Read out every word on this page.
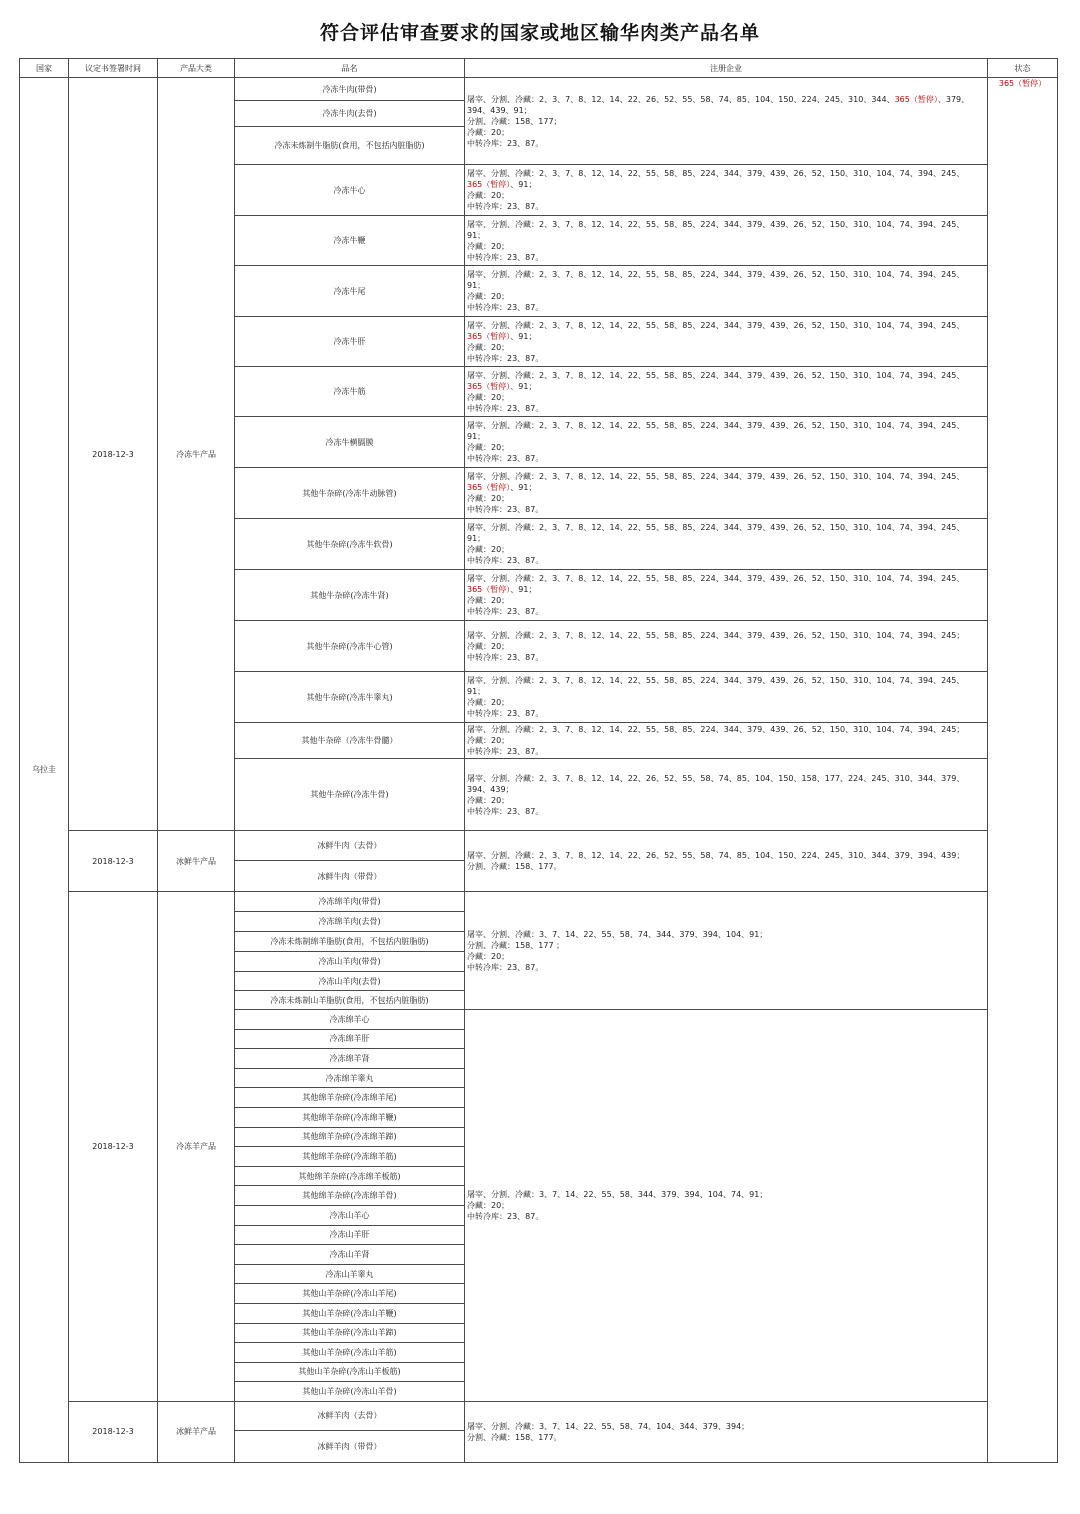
符合评估审查要求的国家或地区输华肉类产品名单
国家	议定书签署时间	产品大类	品名	注册企业	状态
乌拉圭	2018-12-3	冷冻牛产品	冷冻牛肉(带骨)	屠宰、分割、冷藏：2、3、7、8、12、14、22、26、52、55、58、74、85、104、150、224、245、310、344、365（暂停）、379、
394、439、91；
分割、冷藏：158、177；
冷藏：20；
中转冷库：23、87。	365（暂停）
			冷冻牛肉(去骨)		
			冷冻未炼制牛脂肪(食用，不包括内脏脂肪)		
			冷冻牛心	屠宰、分割、冷藏：2、3、7、8、12、14、22、55、58、85、224、344、379、439、26、52、150、310、104、74、394、245、
365（暂停）、91；
冷藏：20；
中转冷库：23、87。	

			冷冻牛鞭	屠宰、分割、冷藏：2、3、7、8、12、14、22、55、58、85、224、344、379、439、26、52、150、310、104、74、394、245、
91；
冷藏：20；
中转冷库：23、87。	

			冷冻牛尾	屠宰、分割、冷藏：2、3、7、8、12、14、22、55、58、85、224、344、379、439、26、52、150、310、104、74、394、245、
91；
冷藏：20；
中转冷库：23、87。	

			冷冻牛肝	屠宰、分割、冷藏：2、3、7、8、12、14、22、55、58、85、224、344、379、439、26、52、150、310、104、74、394、245、
365（暂停）、91；
冷藏：20；
中转冷库：23、87。	

			冷冻牛筋	屠宰、分割、冷藏：2、3、7、8、12、14、22、55、58、85、224、344、379、439、26、52、150、310、104、74、394、245、
365（暂停）、91；
冷藏：20；
中转冷库：23、87。	

			冷冻牛横膈膜	屠宰、分割、冷藏：2、3、7、8、12、14、22、55、58、85、224、344、379、439、26、52、150、310、104、74、394、245、
91；
冷藏：20；
中转冷库：23、87。	

			其他牛杂碎(冷冻牛动脉管)	屠宰、分割、冷藏：2、3、7、8、12、14、22、55、58、85、224、344、379、439、26、52、150、310、104、74、394、245、
365（暂停）、91；
冷藏：20；
中转冷库：23、87。	

			其他牛杂碎(冷冻牛软骨)	屠宰、分割、冷藏：2、3、7、8、12、14、22、55、58、85、224、344、379、439、26、52、150、310、104、74、394、245、
91；
冷藏：20；
中转冷库：23、87。	

			其他牛杂碎(冷冻牛肾)	屠宰、分割、冷藏：2、3、7、8、12、14、22、55、58、85、224、344、379、439、26、52、150、310、104、74、394、245、
365（暂停）、91；
冷藏：20；
中转冷库：23、87。	

			其他牛杂碎(冷冻牛心管)	屠宰、分割、冷藏：2、3、7、8、12、14、22、55、58、85、224、344、379、439、26、52、150、310、104、74、394、245；
冷藏：20；
中转冷库：23、87。	

			其他牛杂碎(冷冻牛睾丸)	屠宰、分割、冷藏：2、3、7、8、12、14、22、55、58、85、224、344、379、439、26、52、150、310、104、74、394、245、
91；
冷藏：20；
中转冷库：23、87。	

			其他牛杂碎（冷冻牛骨髓）	屠宰、分割、冷藏：2、3、7、8、12、14、22、55、58、85、224、344、379、439、26、52、150、310、104、74、394、245；
冷藏：20；
中转冷库：23、87。	

			其他牛杂碎(冷冻牛骨)	屠宰、分割、冷藏：2、3、7、8、12、14、22、26、52、55、58、74、85、104、150、158、177、224、245、310、344、379、
394、439；
冷藏：20；
中转冷库：23、87。	

	2018-12-3	冰鲜牛产品	冰鲜牛肉（去骨）	屠宰、分割、冷藏：2、3、7、8、12、14、22、26、52、55、58、74、85、104、150、224、245、310、344、379、394、439；
分割、冷藏：158、177。	

			冰鲜牛肉（带骨）		
	2018-12-3	冷冻羊产品	冷冻绵羊肉(带骨)	屠宰、分割、冷藏：3、7、14、22、55、58、74、344、379、394、104、91；
分割、冷藏：158、177 ；
冷藏：20；
中转冷库：23、87。	

			冷冻绵羊肉(去骨)		
			冷冻未炼制绵羊脂肪(食用，不包括内脏脂肪)		
			冷冻山羊肉(带骨)		
			冷冻山羊肉(去骨)		
			冷冻未炼制山羊脂肪(食用，不包括内脏脂肪)		
			冷冻绵羊心	屠宰、分割、冷藏：3、7、14、22、55、58、344、379、394、104、74、91；
冷藏：20；
中转冷库：23、87。	

			冷冻绵羊肝		
			冷冻绵羊肾		
			冷冻绵羊睾丸		
			其他绵羊杂碎(冷冻绵羊尾)		
			其他绵羊杂碎(冷冻绵羊鞭)		
			其他绵羊杂碎(冷冻绵羊蹄)		
			其他绵羊杂碎(冷冻绵羊筋)		
			其他绵羊杂碎(冷冻绵羊板筋)		
			其他绵羊杂碎(冷冻绵羊骨)		
			冷冻山羊心		
			冷冻山羊肝		
			冷冻山羊肾		
			冷冻山羊睾丸		
			其他山羊杂碎(冷冻山羊尾)		
			其他山羊杂碎(冷冻山羊鞭)		
			其他山羊杂碎(冷冻山羊蹄)		
			其他山羊杂碎(冷冻山羊筋)		
			其他山羊杂碎(冷冻山羊板筋)		
			其他山羊杂碎(冷冻山羊骨)		
	2018-12-3	冰鲜羊产品	冰鲜羊肉（去骨）	屠宰、分割、冷藏：3、7、14、22、55、58、74、104、344、379、394；
分割、冷藏：158、177。	

			冰鲜羊肉（带骨）		
